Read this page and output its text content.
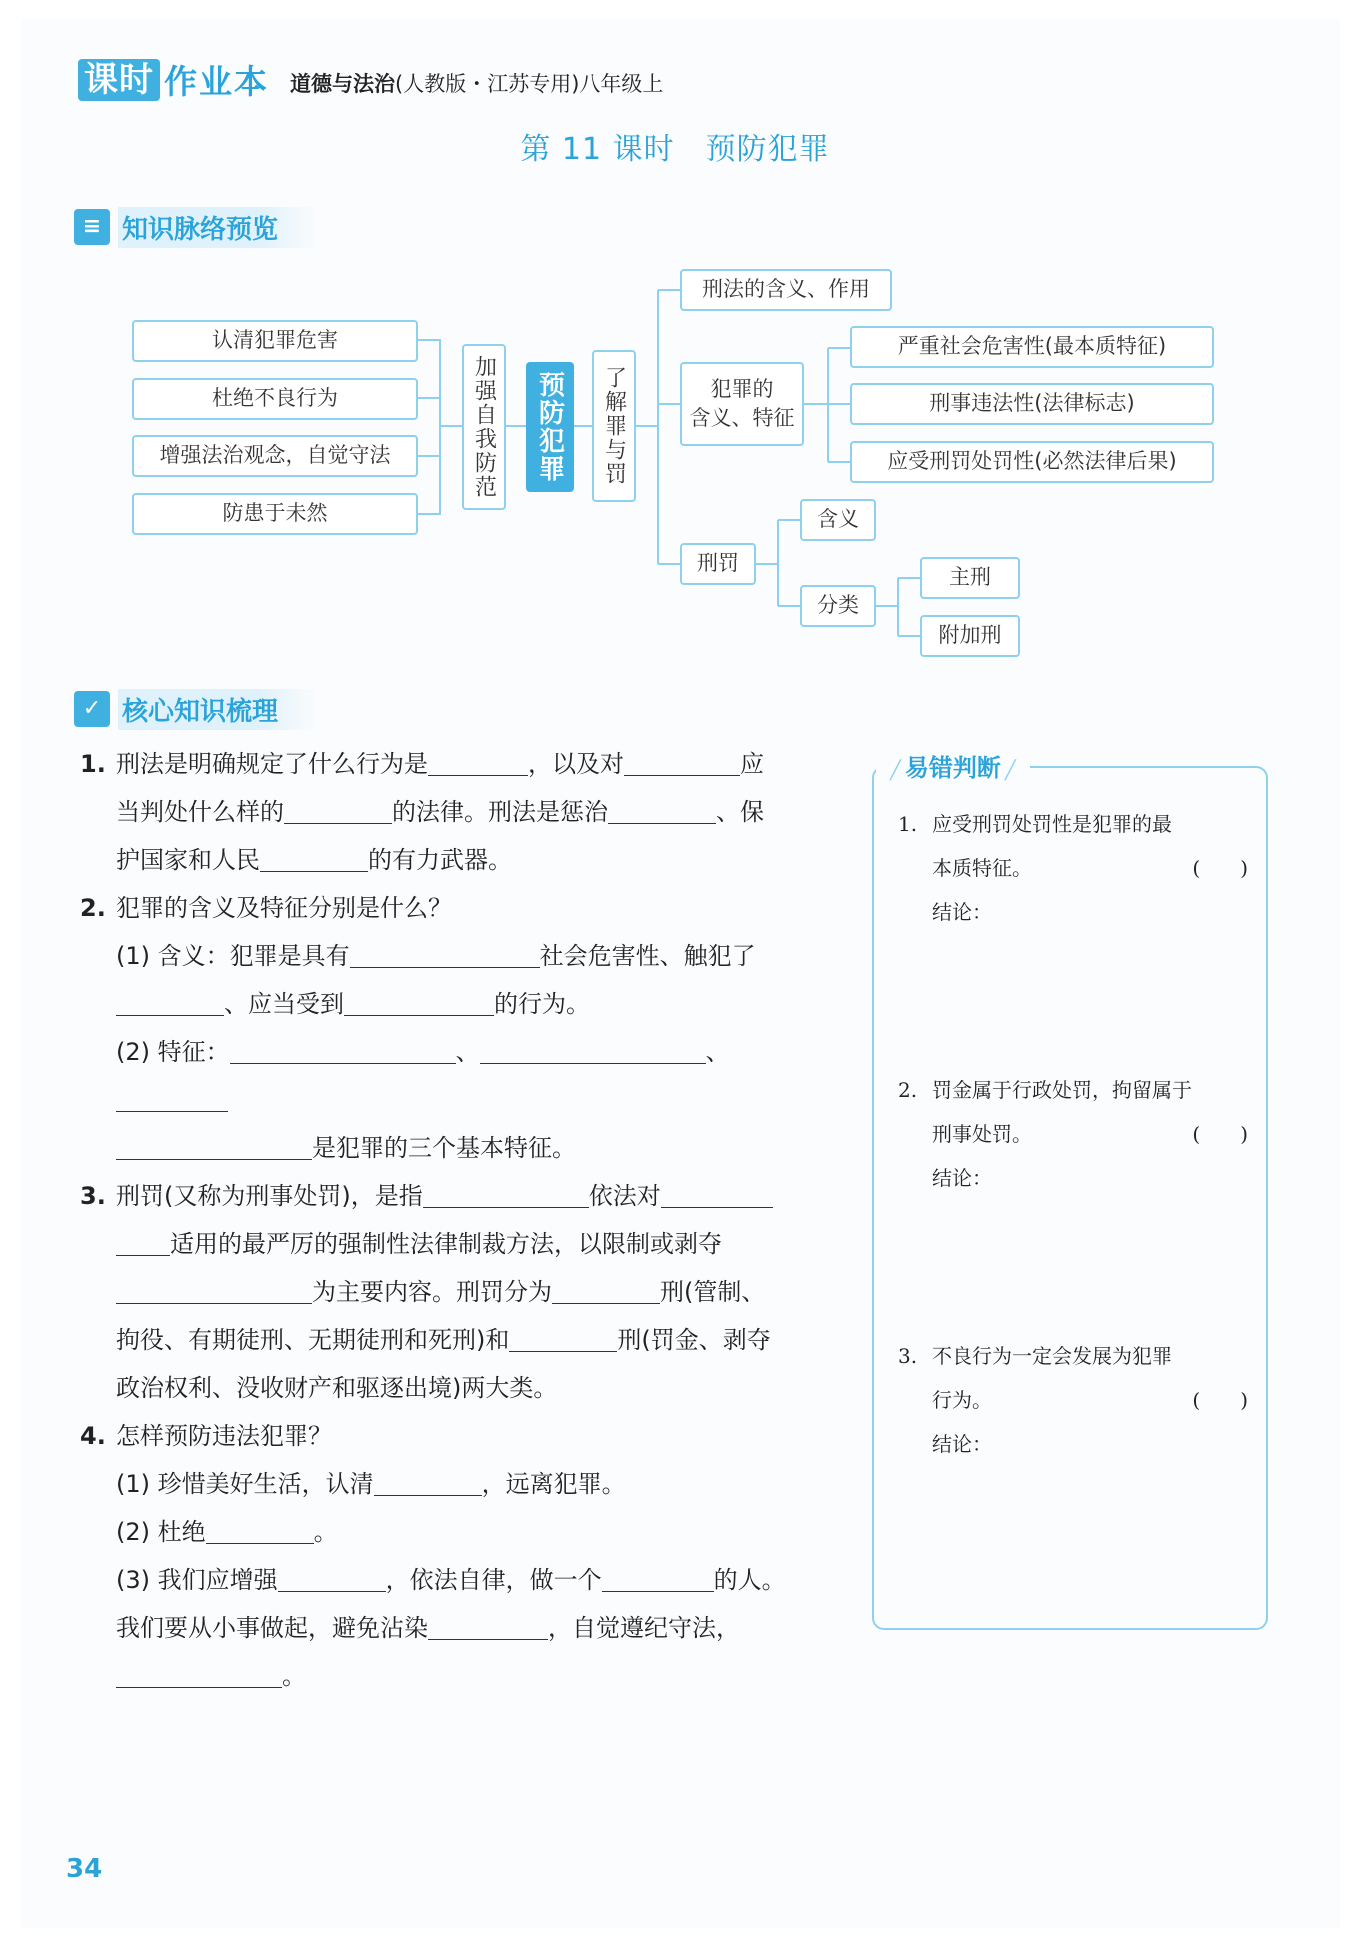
课时 作业本 道德与法治(人教版・江苏专用)八年级上
第 11 课时　预防犯罪
≡ 知识脉络预览
认清犯罪危害
杜绝不良行为
增强法治观念，自觉守法
防患于未然
加强自我防范	预防犯罪	了解罪与罚
刑法的含义、作用
犯罪的
含义、特征
严重社会危害性(最本质特征)
刑事违法性(法律标志)
应受刑罚处罚性(必然法律后果)
刑罚
含义
分类
主刑
附加刑
✓ 核心知识梳理

1. 刑法是明确规定了什么行为是	，以及对	应

当判处什么样的	的法律。刑法是惩治	、保

护国家和人民	的有力武器。

2. 犯罪的含义及特征分别是什么？

(1) 含义：犯罪是具有	社会危害性、触犯了

、应当受到	的行为。

(2) 特征：	、	、

是犯罪的三个基本特征。

3. 刑罚(又称为刑事处罚)，是指	依法对

适用的最严厉的强制性法律制裁方法，以限制或剥夺

为主要内容。刑罚分为	刑(管制、

拘役、有期徒刑、无期徒刑和死刑)和	刑(罚金、剥夺

政治权利、没收财产和驱逐出境)两大类。

4. 怎样预防违法犯罪？

(1) 珍惜美好生活，认清	，远离犯罪。

(2) 杜绝	。

(3) 我们应增强	，依法自律，做一个	的人。

我们要从小事做起，避免沾染	，自觉遵纪守法，

。

╱ 易错判断 ╱
1. 应受刑罚处罚性是犯罪的最
本质特征。	(　　)
结论：
2. 罚金属于行政处罚，拘留属于
刑事处罚。	(　　)
结论：
3. 不良行为一定会发展为犯罪
行为。	(　　)
结论：
34
